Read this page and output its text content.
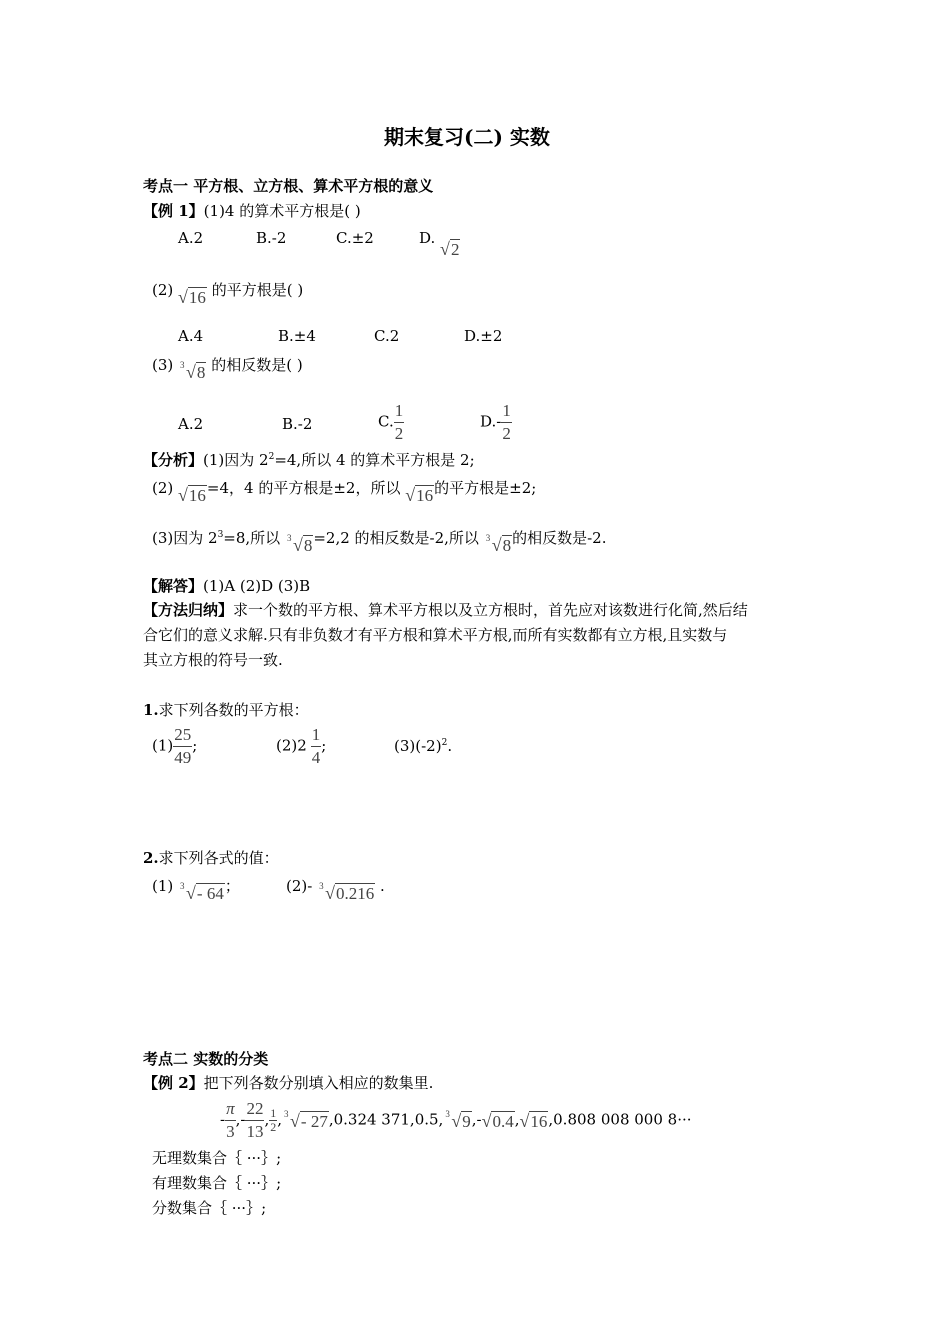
期末复习(二) 实数
考点一 平方根、立方根、算术平方根的意义
【例 1】(1)4 的算术平方根是( )
A.2	B.-2	C.±2	D.
√ 2
(2) √ 16 的平方根是( )
A.4	B.±4	C.2	D.±2
(3) 3 √ 8 的相反数是( )
A.2	B.-2	C. $\frac{1}{2}$	$D.- \frac{1}{2}$
【分析】(1)因为 $2^2=4$,所以 4 的算术平方根是 2;
(2) √ 16 =4，4 的平方根是±2，所以 √ 16 的平方根是±2;
(3)因为 $2^3=8$,所以 3 √ 8 =2,2 的相反数是-2,所以 3 √ 8 的相反数是-2.
【解答】(1)A (2)D (3)B
【方法归纳】求一个数的平方根、算术平方根以及立方根时，首先应对该数进行化简,然后结
合它们的意义求解.只有非负数才有平方根和算术平方根,而所有实数都有立方根,且实数与
其立方根的符号一致.
1.求下列各数的平方根：
$(1) \frac{25}{49}$ ;	$(2)2 \frac{1}{4}$ ;	$(3)(-2)^2$.
2.求下列各式的值：
(1) 3 √ - 64 ；	(2)- 3 √ 0.216 .
考点二 实数的分类
【例 2】把下列各数分别填入相应的数集里.
- $\frac{\pi}{3}$ ,- $\frac{22}{13}$ , $\frac{1}{2}$ , 3 √ - 27 ,0.324 371,0.5, 3 √ 9 ,- √ 0.4 , √ 16 ,0.808 008 000 8···
无理数集合｛ ···｝;
有理数集合｛ ···｝;
分数集合｛ ···｝;
